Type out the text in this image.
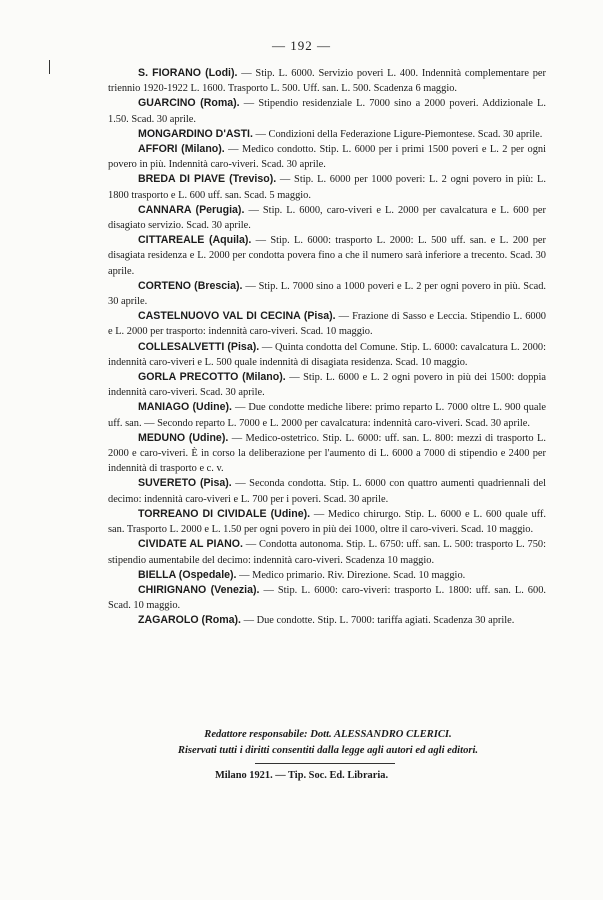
— 192 —

S. FIORANO (Lodi). — Stip. L. 6000. Servizio poveri L. 400. Indennità complementare per triennio 1920-1922 L. 1600. Trasporto L. 500. Uff. san. L. 500. Scadenza 6 maggio.

GUARCINO (Roma). — Stipendio residenziale L. 7000 sino a 2000 poveri. Addizionale L. 1.50. Scad. 30 aprile.

MONGARDINO D'ASTI. — Condizioni della Federazione Ligure-Piemontese. Scad. 30 aprile.

AFFORI (Milano). — Medico condotto. Stip. L. 6000 per i primi 1500 poveri e L. 2 per ogni povero in più. Indennità caro-viveri. Scad. 30 aprile.

BREDA DI PIAVE (Treviso). — Stip. L. 6000 per 1000 poveri: L. 2 ogni povero in più: L. 1800 trasporto e L. 600 uff. san. Scad. 5 maggio.

CANNARA (Perugia). — Stip. L. 6000, caro-viveri e L. 2000 per cavalcatura e L. 600 per disagiato servizio. Scad. 30 aprile.

CITTAREALE (Aquila). — Stip. L. 6000: trasporto L. 2000: L. 500 uff. san. e L. 200 per disagiata residenza e L. 2000 per condotta povera fino a che il numero sarà inferiore a trecento. Scad. 30 aprile.

CORTENO (Brescia). — Stip. L. 7000 sino a 1000 poveri e L. 2 per ogni povero in più. Scad. 30 aprile.

CASTELNUOVO VAL DI CECINA (Pisa). — Frazione di Sasso e Leccia. Stipendio L. 6000 e L. 2000 per trasporto: indennità caro-viveri. Scad. 10 maggio.

COLLESALVETTI (Pisa). — Quinta condotta del Comune. Stip. L. 6000: cavalcatura L. 2000: indennità caro-viveri e L. 500 quale indennità di disagiata residenza. Scad. 10 maggio.

GORLA PRECOTTO (Milano). — Stip. L. 6000 e L. 2 ogni povero in più dei 1500: doppia indennità caro-viveri. Scad. 30 aprile.

MANIAGO (Udine). — Due condotte mediche libere: primo reparto L. 7000 oltre L. 900 quale uff. san. — Secondo reparto L. 7000 e L. 2000 per cavalcatura: indennità caro-viveri. Scad. 30 aprile.

MEDUNO (Udine). — Medico-ostetrico. Stip. L. 6000: uff. san. L. 800: mezzi di trasporto L. 2000 e caro-viveri. È in corso la deliberazione per l'aumento di L. 6000 a 7000 di stipendio e 2400 per indennità di trasporto e c. v.

SUVERETO (Pisa). — Seconda condotta. Stip. L. 6000 con quattro aumenti quadriennali del decimo: indennità caro-viveri e L. 700 per i poveri. Scad. 30 aprile.

TORREANO DI CIVIDALE (Udine). — Medico chirurgo. Stip. L. 6000 e L. 600 quale uff. san. Trasporto L. 2000 e L. 1.50 per ogni povero in più dei 1000, oltre il caro-viveri. Scad. 10 maggio.

CIVIDATE AL PIANO. — Condotta autonoma. Stip. L. 6750: uff. san. L. 500: trasporto L. 750: stipendio aumentabile del decimo: indennità caro-viveri. Scadenza 10 maggio.

BIELLA (Ospedale). — Medico primario. Riv. Direzione. Scad. 10 maggio.

CHIRIGNANO (Venezia). — Stip. L. 6000: caro-viveri: trasporto L. 1800: uff. san. L. 600. Scad. 10 maggio.

ZAGAROLO (Roma). — Due condotte. Stip. L. 7000: tariffa agiati. Scadenza 30 aprile.

Redattore responsabile: Dott. ALESSANDRO CLERICI.
Riservati tutti i diritti consentiti dalla legge agli autori ed agli editori.
Milano 1921. — Tip. Soc. Ed. Libraria.
